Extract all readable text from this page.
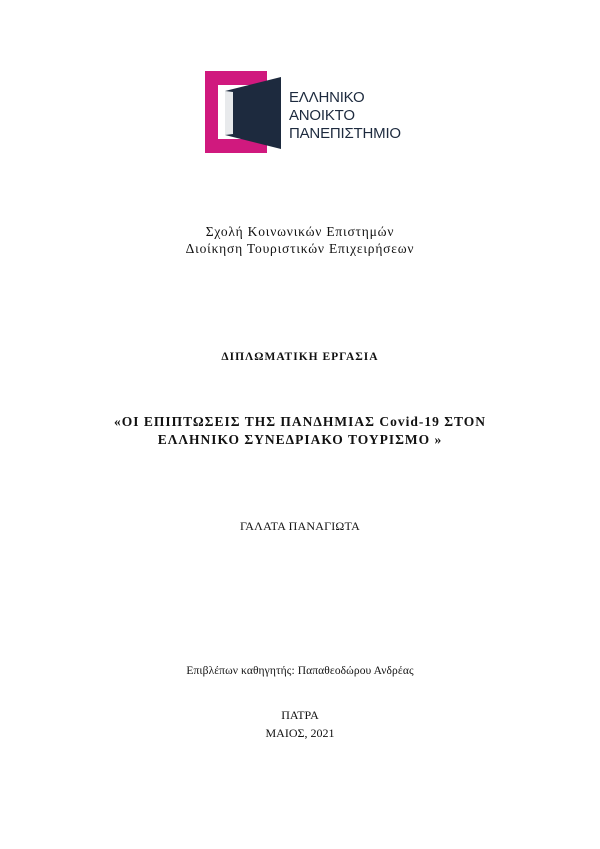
ΕΛΛΗΝΙΚΟ
ΑΝΟΙΚΤΟ
ΠΑΝΕΠΙΣΤΗΜΙΟ
Σχολή Κοινωνικών Επιστημών
Διοίκηση Τουριστικών Επιχειρήσεων
ΔΙΠΛΩΜΑΤΙΚΗ ΕΡΓΑΣΙΑ
«ΟΙ ΕΠΙΠΤΩΣΕΙΣ ΤΗΣ ΠΑΝΔΗΜΙΑΣ Covid-19 ΣΤΟΝ
ΕΛΛΗΝΙΚΟ ΣΥΝΕΔΡΙΑΚΟ ΤΟΥΡΙΣΜΟ »
ΓΑΛΑΤΑ ΠΑΝΑΓΙΩΤΑ
Επιβλέπων καθηγητής: Παπαθεοδώρου Ανδρέας
ΠΑΤΡΑ
ΜΑΙΟΣ, 2021
